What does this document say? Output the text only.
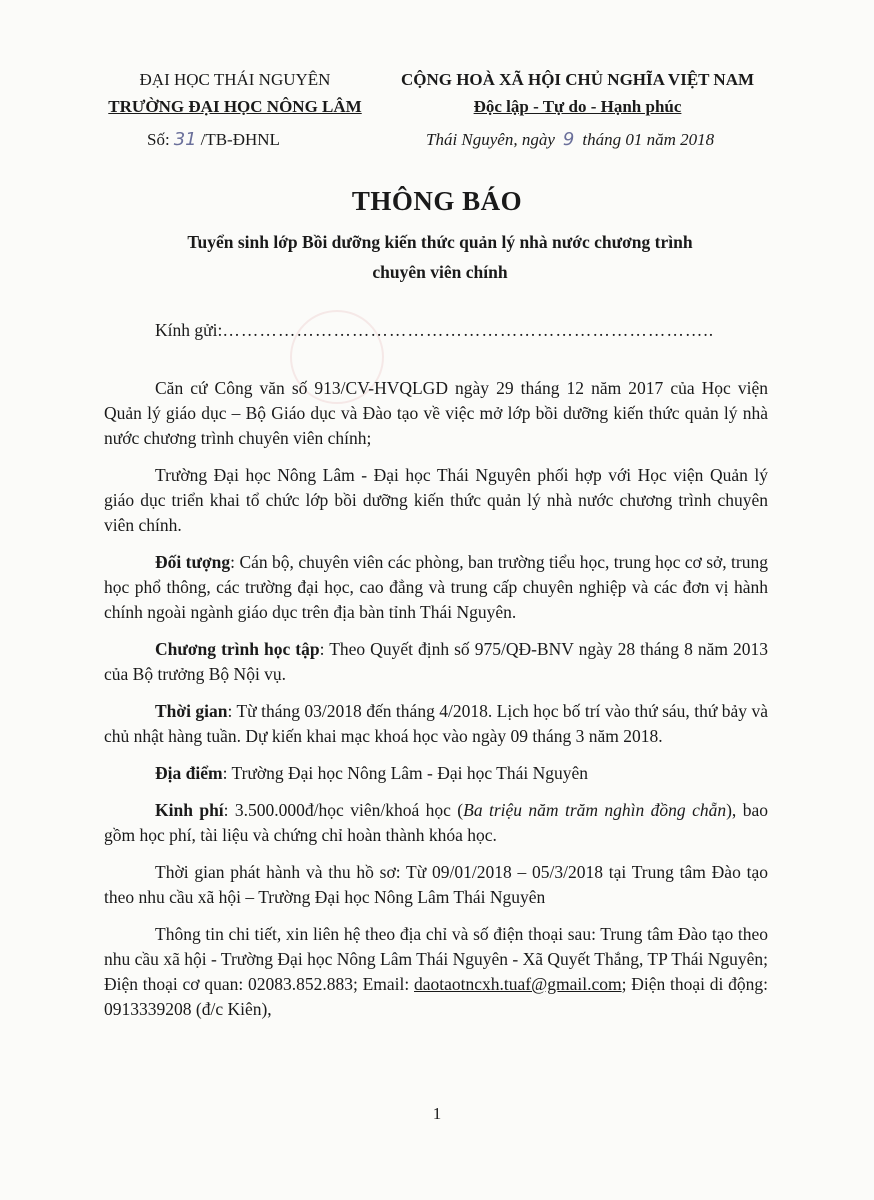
ĐẠI HỌC THÁI NGUYÊN
TRƯỜNG ĐẠI HỌC NÔNG LÂM
CỘNG HOÀ XÃ HỘI CHỦ NGHĨA VIỆT NAM
Độc lập - Tự do - Hạnh phúc
Số: 31 /TB-ĐHNL	Thái Nguyên, ngày 9 tháng 01 năm 2018
THÔNG BÁO
Tuyển sinh lớp Bồi dưỡng kiến thức quản lý nhà nước chương trình
chuyên viên chính
Kính gửi:……………………………………………………………………..

Căn cứ Công văn số 913/CV-HVQLGD ngày 29 tháng 12 năm 2017 của Học viện Quản lý giáo dục – Bộ Giáo dục và Đào tạo về việc mở lớp bồi dưỡng kiến thức quản lý nhà nước chương trình chuyên viên chính;

Trường Đại học Nông Lâm - Đại học Thái Nguyên phối hợp với Học viện Quản lý giáo dục triển khai tổ chức lớp bồi dưỡng kiến thức quản lý nhà nước chương trình chuyên viên chính.

Đối tượng: Cán bộ, chuyên viên các phòng, ban trường tiểu học, trung học cơ sở, trung học phổ thông, các trường đại học, cao đẳng và trung cấp chuyên nghiệp và các đơn vị hành chính ngoài ngành giáo dục trên địa bàn tỉnh Thái Nguyên.

Chương trình học tập: Theo Quyết định số 975/QĐ-BNV ngày 28 tháng 8 năm 2013 của Bộ trưởng Bộ Nội vụ.

Thời gian: Từ tháng 03/2018 đến tháng 4/2018. Lịch học bố trí vào thứ sáu, thứ bảy và chủ nhật hàng tuần. Dự kiến khai mạc khoá học vào ngày 09 tháng 3 năm 2018.

Địa điểm: Trường Đại học Nông Lâm - Đại học Thái Nguyên

Kinh phí: 3.500.000đ/học viên/khoá học (Ba triệu năm trăm nghìn đồng chẵn), bao gồm học phí, tài liệu và chứng chỉ hoàn thành khóa học.

Thời gian phát hành và thu hồ sơ: Từ 09/01/2018 – 05/3/2018 tại Trung tâm Đào tạo theo nhu cầu xã hội – Trường Đại học Nông Lâm Thái Nguyên

Thông tin chi tiết, xin liên hệ theo địa chỉ và số điện thoại sau: Trung tâm Đào tạo theo nhu cầu xã hội - Trường Đại học Nông Lâm Thái Nguyên - Xã Quyết Thắng, TP Thái Nguyên; Điện thoại cơ quan: 02083.852.883; Email: daotaotncxh.tuaf@gmail.com; Điện thoại di động: 0913339208 (đ/c Kiên),

1
